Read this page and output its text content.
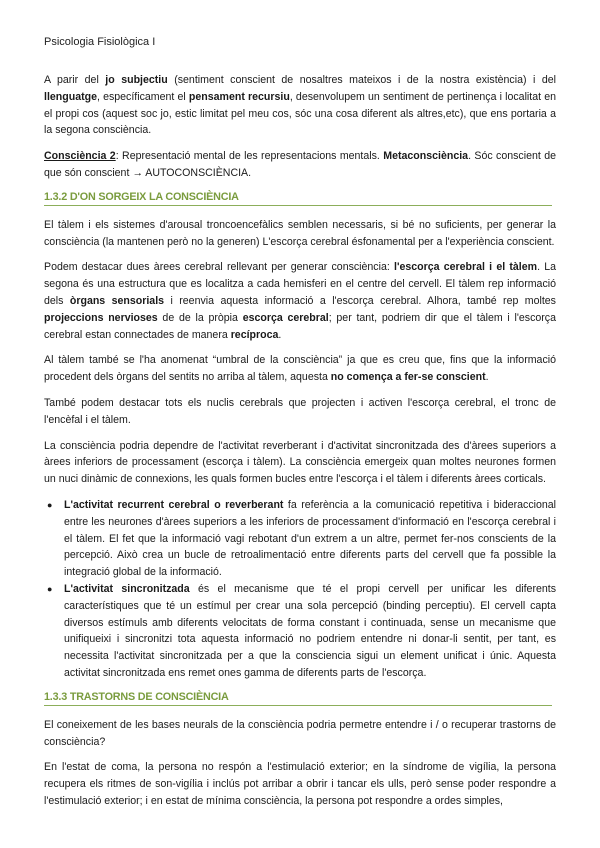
Psicologia Fisiològica I

A parir del jo subjectiu (sentiment conscient de nosaltres mateixos i de la nostra existència) i del llenguatge, específicament el pensament recursiu, desenvolupem un sentiment de pertinença i localitat en el propi cos (aquest soc jo, estic limitat pel meu cos, sóc una cosa diferent als altres,etc), que ens portaria a la segona consciència.

Consciència 2: Representació mental de les representacions mentals. Metaconsciència. Sóc conscient de que són conscient → AUTOCONSCIÈNCIA.

1.3.2 D'ON SORGEIX LA CONSCIÈNCIA

El tàlem i els sistemes d'arousal troncoencefàlics semblen necessaris, si bé no suficients, per generar la consciència (la mantenen però no la generen) L'escorça cerebral ésfonamental per a l'experiència conscient.

Podem destacar dues àrees cerebral rellevant per generar consciència: l'escorça cerebral i el tàlem. La segona és una estructura que es localitza a cada hemisferi en el centre del cervell. El tàlem rep informació dels òrgans sensorials i reenvia aquesta informació a l'escorça cerebral. Alhora, també rep moltes projeccions nervioses de de la pròpia escorça cerebral; per tant, podriem dir que el tàlem i l'escorça cerebral estan connectades de manera recíproca.

Al tàlem també se l'ha anomenat “umbral de la consciència” ja que es creu que, fins que la informació procedent dels òrgans del sentits no arriba al tàlem, aquesta no comença a fer-se conscient.

També podem destacar tots els nuclis cerebrals que projecten i activen l'escorça cerebral, el tronc de l'encèfal i el tàlem.

La consciència podria dependre de l'activitat reverberant i d'activitat sincronitzada des d'àrees superiors a àrees inferiors de processament (escorça i tàlem). La consciència emergeix quan moltes neurones formen un nuci dinàmic de connexions, les quals formen bucles entre l'escorça i el tàlem i diferents àrees corticals.

● L'activitat recurrent cerebral o reverberant fa referència a la comunicació repetitiva i bideraccional entre les neurones d'àrees superiors a les inferiors de processament d'informació en l'escorça cerebral i el tàlem. El fet que la informació vagi rebotant d'un extrem a un altre, permet fer-nos conscients de la percepció. Això crea un bucle de retroalimentació entre diferents parts del cervell que fa possible la integració global de la informació.
● L'activitat sincronitzada és el mecanisme que té el propi cervell per unificar les diferents característiques que té un estímul per crear una sola percepció (binding perceptiu). El cervell capta diversos estímuls amb diferents velocitats de forma constant i continuada, sense un mecanisme que unifiqueixi i sincronitzi tota aquesta informació no podriem entendre ni donar-li sentit, per tant, es necessita l'activitat sincronitzada per a que la consciencia sigui un element unificat i únic. Aquesta activitat sincronitzada ens remet ones gamma de diferents parts de l'escorça.
1.3.3 TRASTORNS DE CONSCIÈNCIA

El coneixement de les bases neurals de la consciència podria permetre entendre i / o recuperar trastorns de consciència?

En l'estat de coma, la persona no respón a l'estimulació exterior; en la síndrome de vigília, la persona recupera els ritmes de son-vigília i inclús pot arribar a obrir i tancar els ulls, però sense poder respondre a l'estimulació exterior; i en estat de mínima consciència, la persona pot respondre a ordes simples,
